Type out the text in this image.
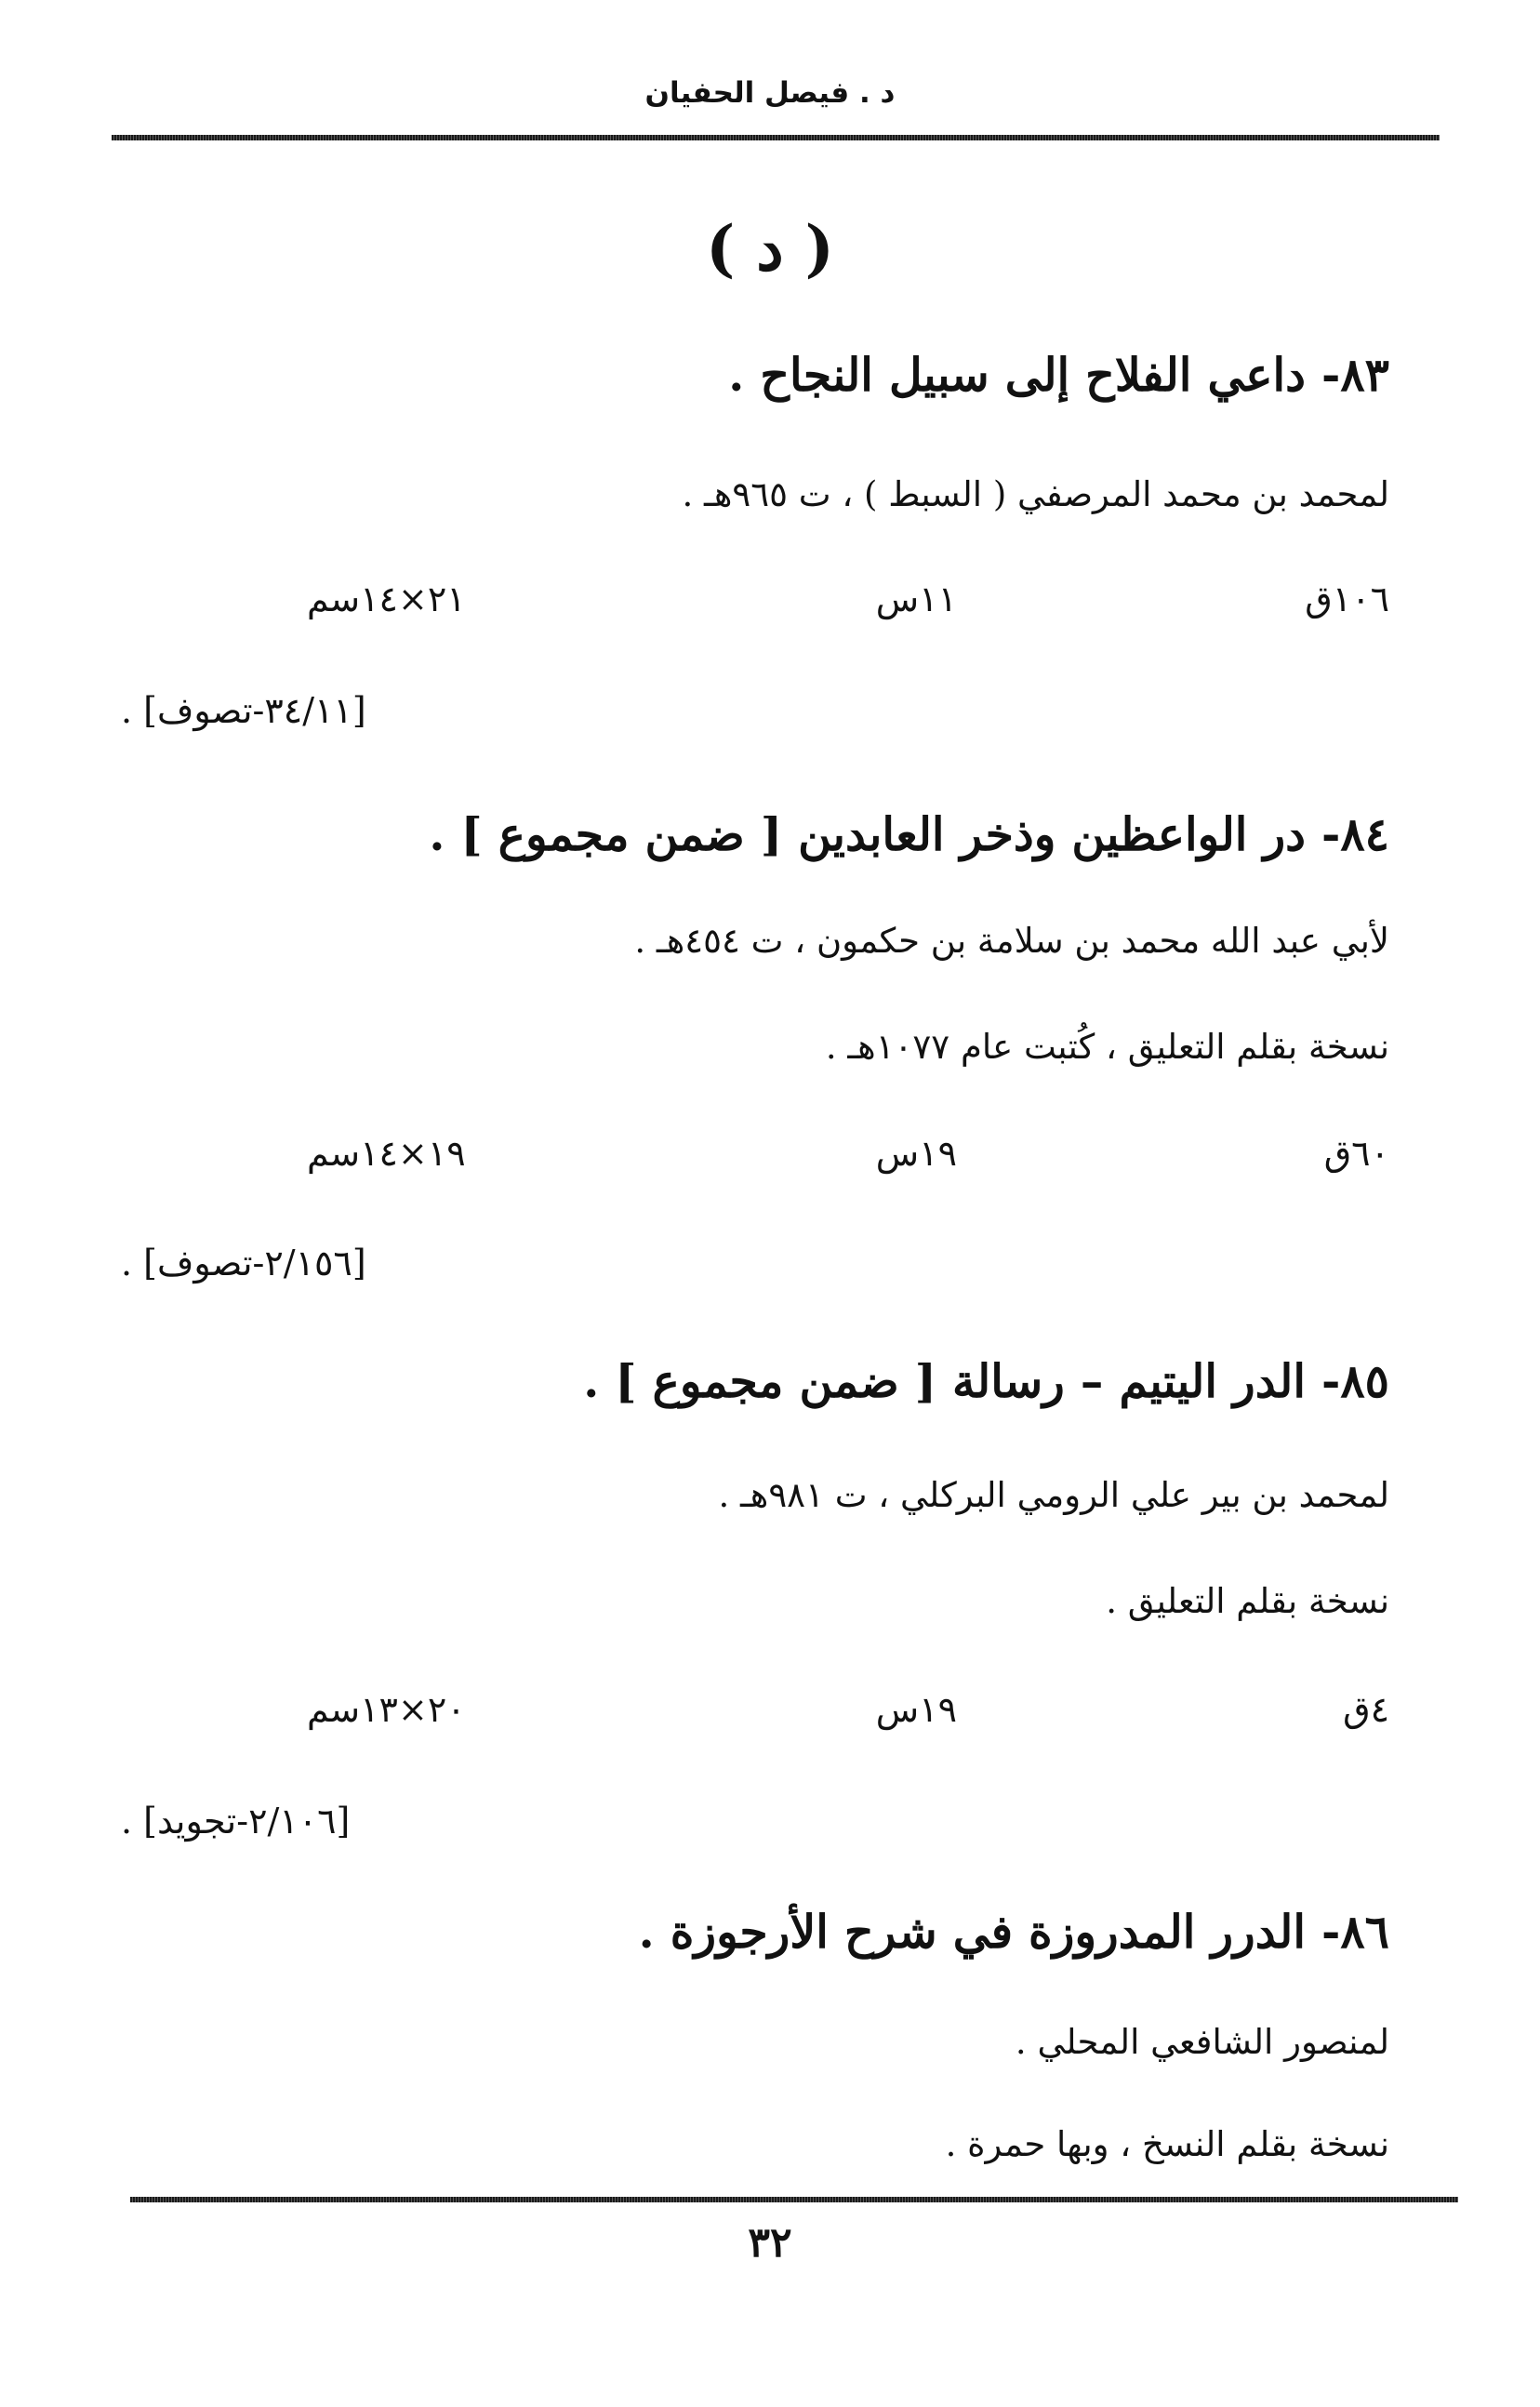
د . فيصل الحفيان
( د )
٨٣- داعي الفلاح إلى سبيل النجاح .
لمحمد بن محمد المرصفي ( السبط ) ، ت ٩٦٥هـ .
١٠٦ق
١١س
٢١×١٤سم
[٣٤/١١-تصوف] .
٨٤- در الواعظين وذخر العابدين [ ضمن مجموع ] .
لأبي عبد الله محمد بن سلامة بن حكمون ، ت ٤٥٤هـ .
نسخة بقلم التعليق ، كُتبت عام ١٠٧٧هـ .
٦٠ق
١٩س
١٩×١٤سم
[٢/١٥٦-تصوف] .
٨٥- الدر اليتيم – رسالة [ ضمن مجموع ] .
لمحمد بن بير علي الرومي البركلي ، ت ٩٨١هـ .
نسخة بقلم التعليق .
٤ق
١٩س
٢٠×١٣سم
[٢/١٠٦-تجويد] .
٨٦- الدرر المدروزة في شرح الأرجوزة .
لمنصور الشافعي المحلي .
نسخة بقلم النسخ ، وبها حمرة .
٣٢
